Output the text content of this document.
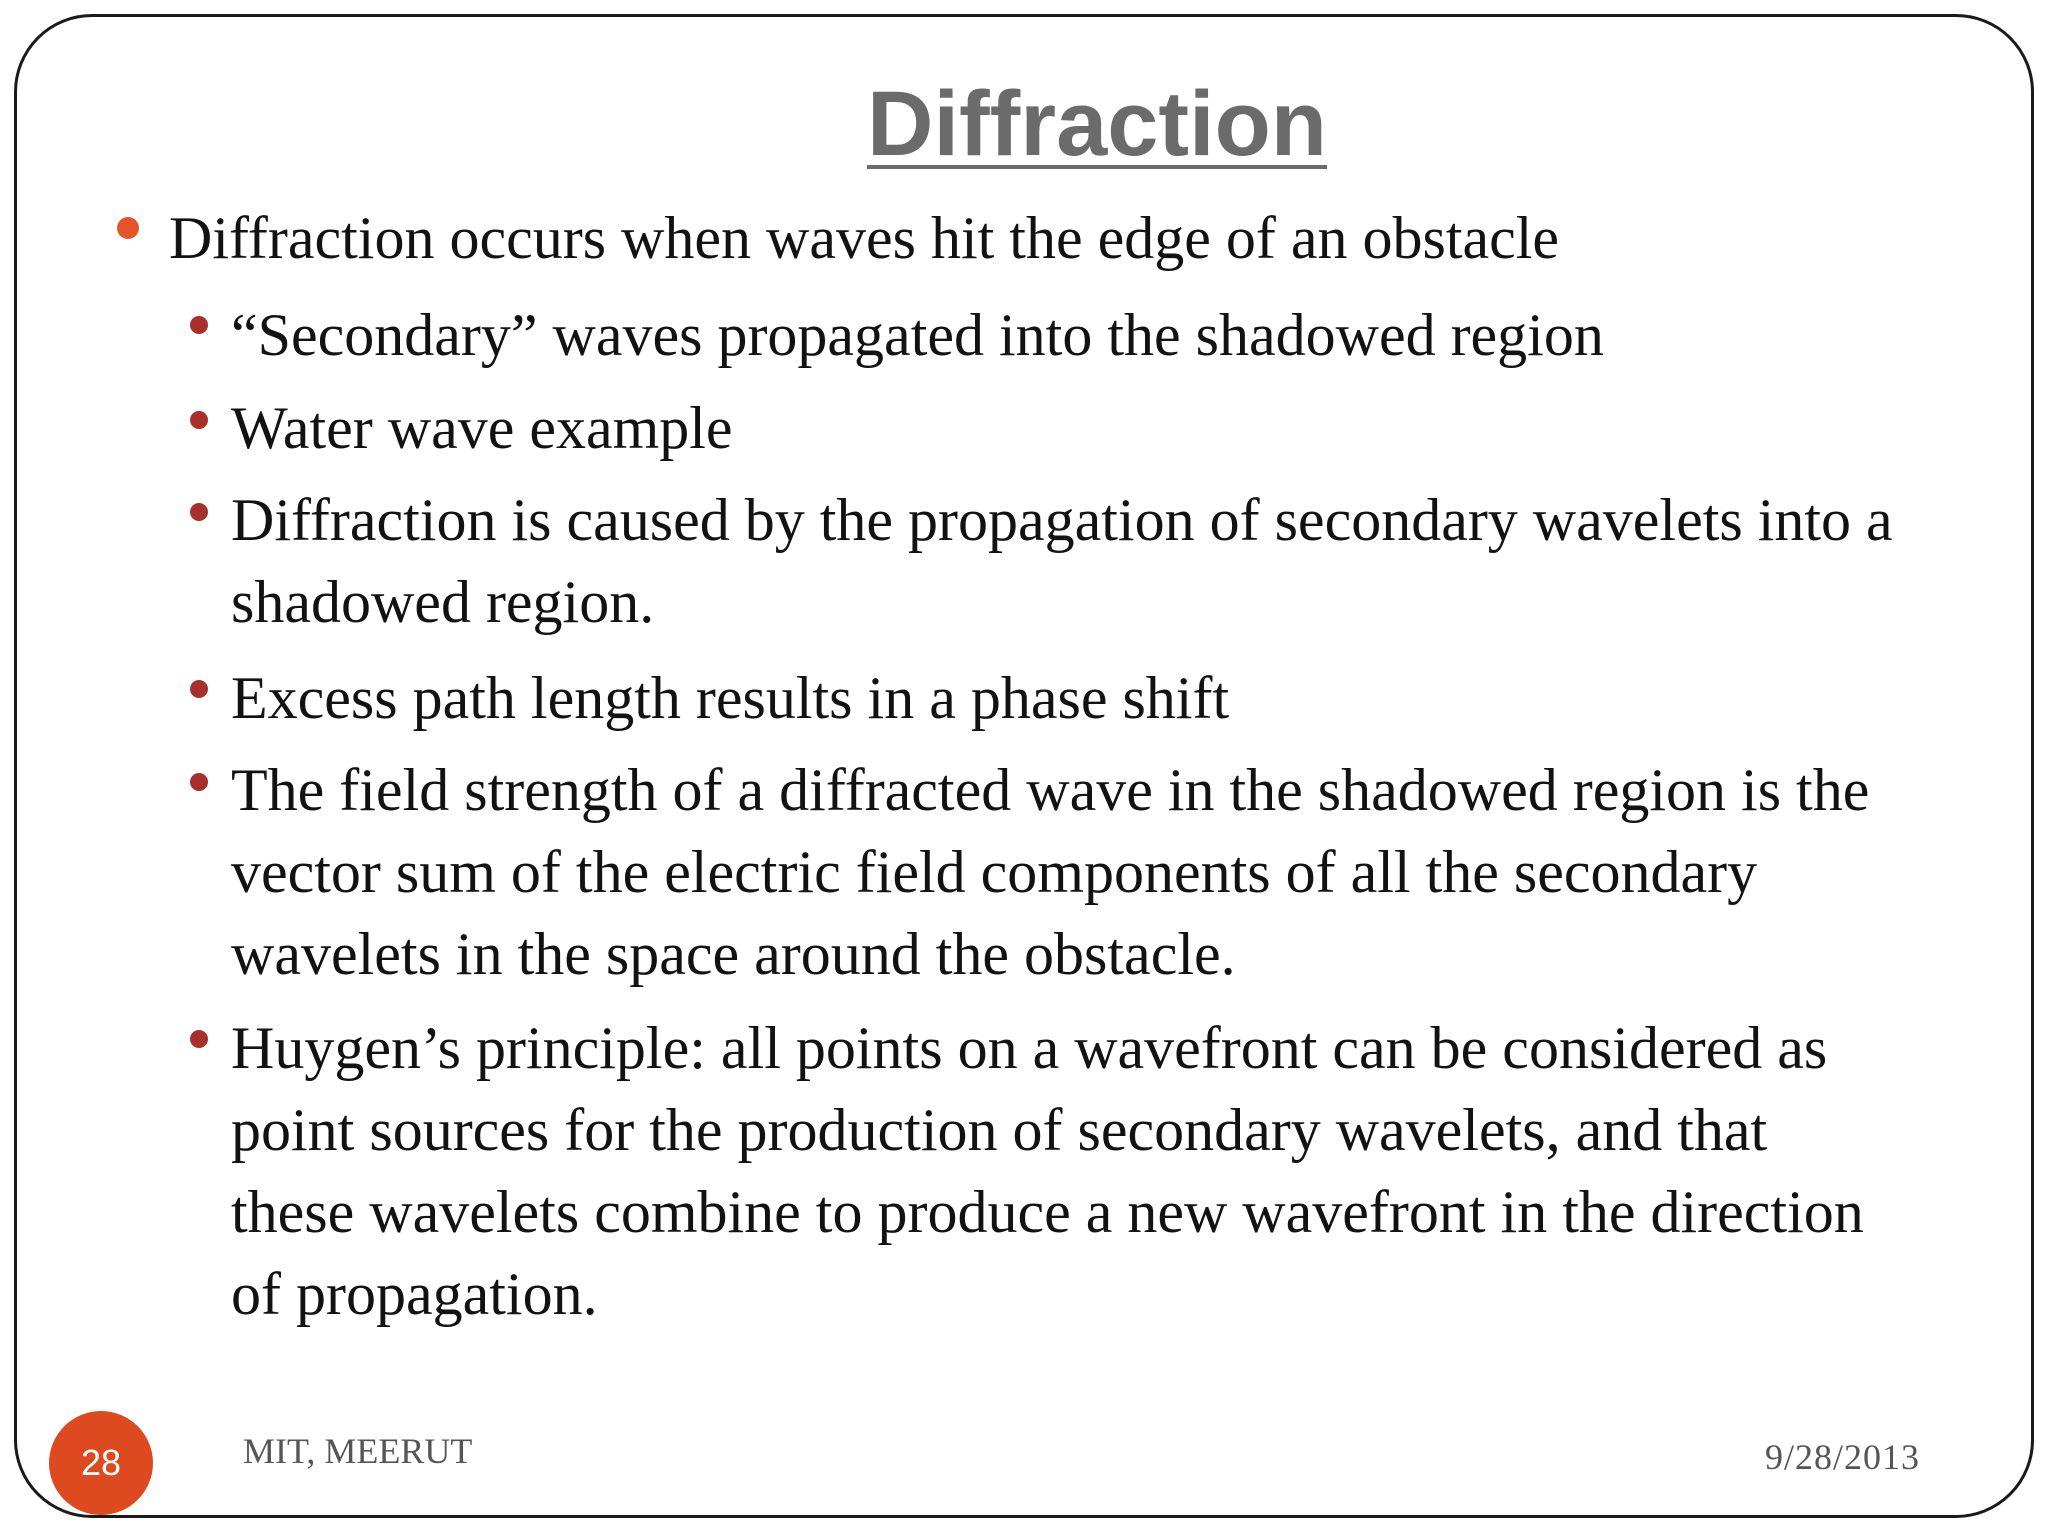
Diffraction
Diffraction occurs when waves hit the edge of an obstacle
“Secondary” waves propagated into the shadowed region
Water wave example
Diffraction is caused by the propagation of secondary wavelets into a
shadowed region.
Excess path length results in a phase shift
The field strength of a diffracted wave in the shadowed region is the
vector sum of the electric field components of all the secondary
wavelets in the space around the obstacle.
Huygen’s principle: all points on a wavefront can be considered as
point sources for the production of secondary wavelets, and that
these wavelets combine to produce a new wavefront in the direction
of propagation.
28	MIT, MEERUT	9/28/2013
